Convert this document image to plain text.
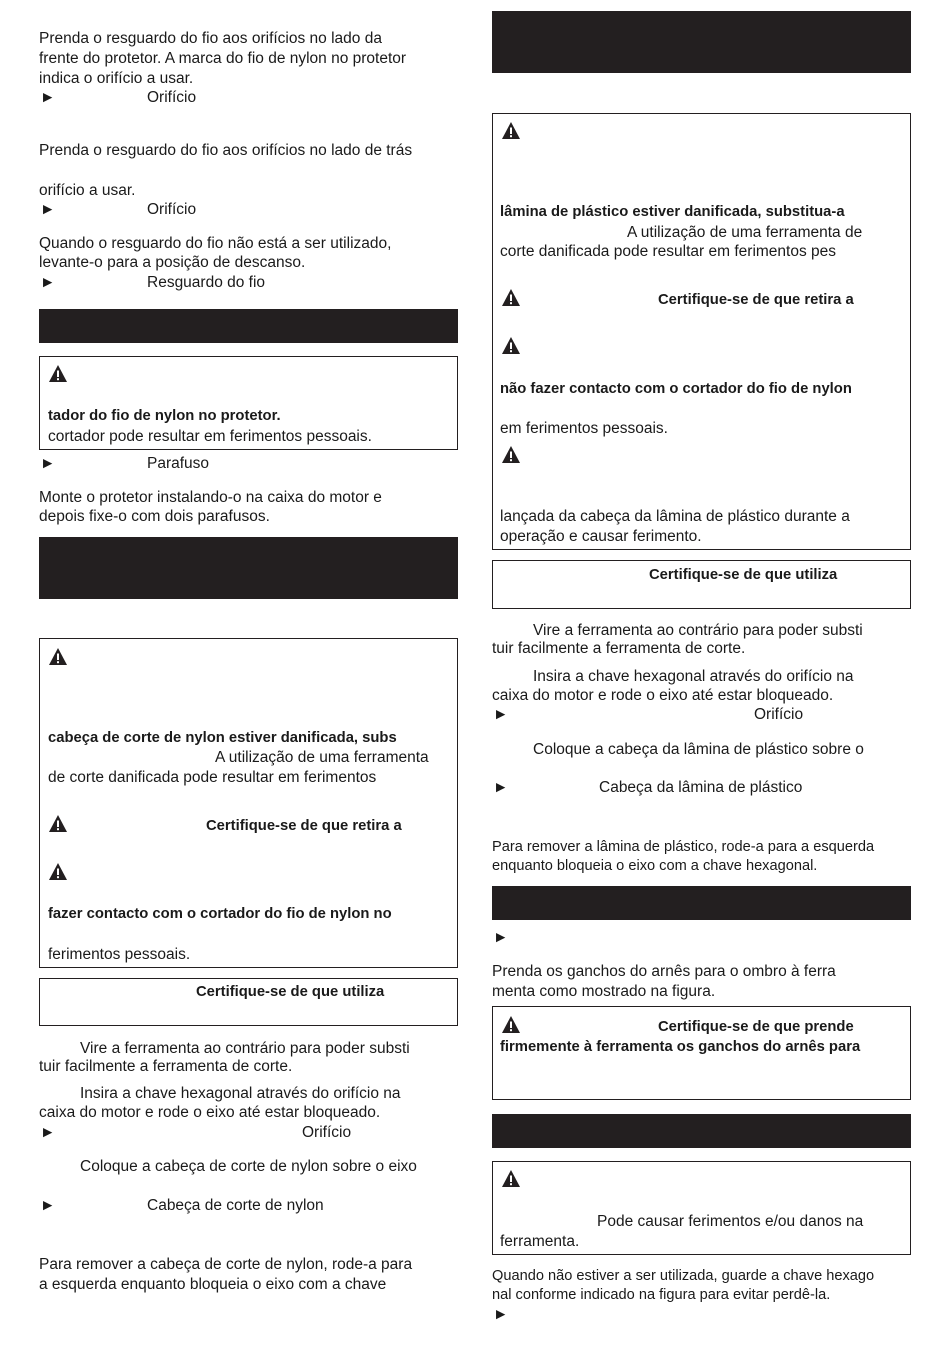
Prenda o resguardo do fio aos orifícios no lado da
frente do protetor. A marca do fio de nylon no protetor
indica o orifício a usar.
►	Orifício
Prenda o resguardo do fio aos orifícios no lado de trás
orifício a usar.
►	Orifício
Quando o resguardo do fio não está a ser utilizado,
levante-o para a posição de descanso.
►	Resguardo do fio
tador do fio de nylon no protetor.
cortador pode resultar em ferimentos pessoais.
►	Parafuso
Monte o protetor instalando-o na caixa do motor e
depois fixe-o com dois parafusos.
cabeça de corte de nylon estiver danificada, subs
A utilização de uma ferramenta
de corte danificada pode resultar em ferimentos
Certifique-se de que retira a
fazer contacto com o cortador do fio de nylon no
ferimentos pessoais.
Certifique-se de que utiliza
Vire a ferramenta ao contrário para poder substi
tuir facilmente a ferramenta de corte.
Insira a chave hexagonal através do orifício na
caixa do motor e rode o eixo até estar bloqueado.
►	Orifício
Coloque a cabeça de corte de nylon sobre o eixo
►	Cabeça de corte de nylon
Para remover a cabeça de corte de nylon, rode-a para
a esquerda enquanto bloqueia o eixo com a chave
lâmina de plástico estiver danificada, substitua-a
A utilização de uma ferramenta de
corte danificada pode resultar em ferimentos pes
Certifique-se de que retira a
não fazer contacto com o cortador do fio de nylon
em ferimentos pessoais.
lançada da cabeça da lâmina de plástico durante a
operação e causar ferimento.
Certifique-se de que utiliza
Vire a ferramenta ao contrário para poder substi
tuir facilmente a ferramenta de corte.
Insira a chave hexagonal através do orifício na
caixa do motor e rode o eixo até estar bloqueado.
►	Orifício
Coloque a cabeça da lâmina de plástico sobre o
►	Cabeça da lâmina de plástico
Para remover a lâmina de plástico, rode-a para a esquerda
enquanto bloqueia o eixo com a chave hexagonal.
►
Prenda os ganchos do arnês para o ombro à ferra
menta como mostrado na figura.
Certifique-se de que prende
firmemente à ferramenta os ganchos do arnês para
Pode causar ferimentos e/ou danos na
ferramenta.
Quando não estiver a ser utilizada, guarde a chave hexago
nal conforme indicado na figura para evitar perdê-la.
►
